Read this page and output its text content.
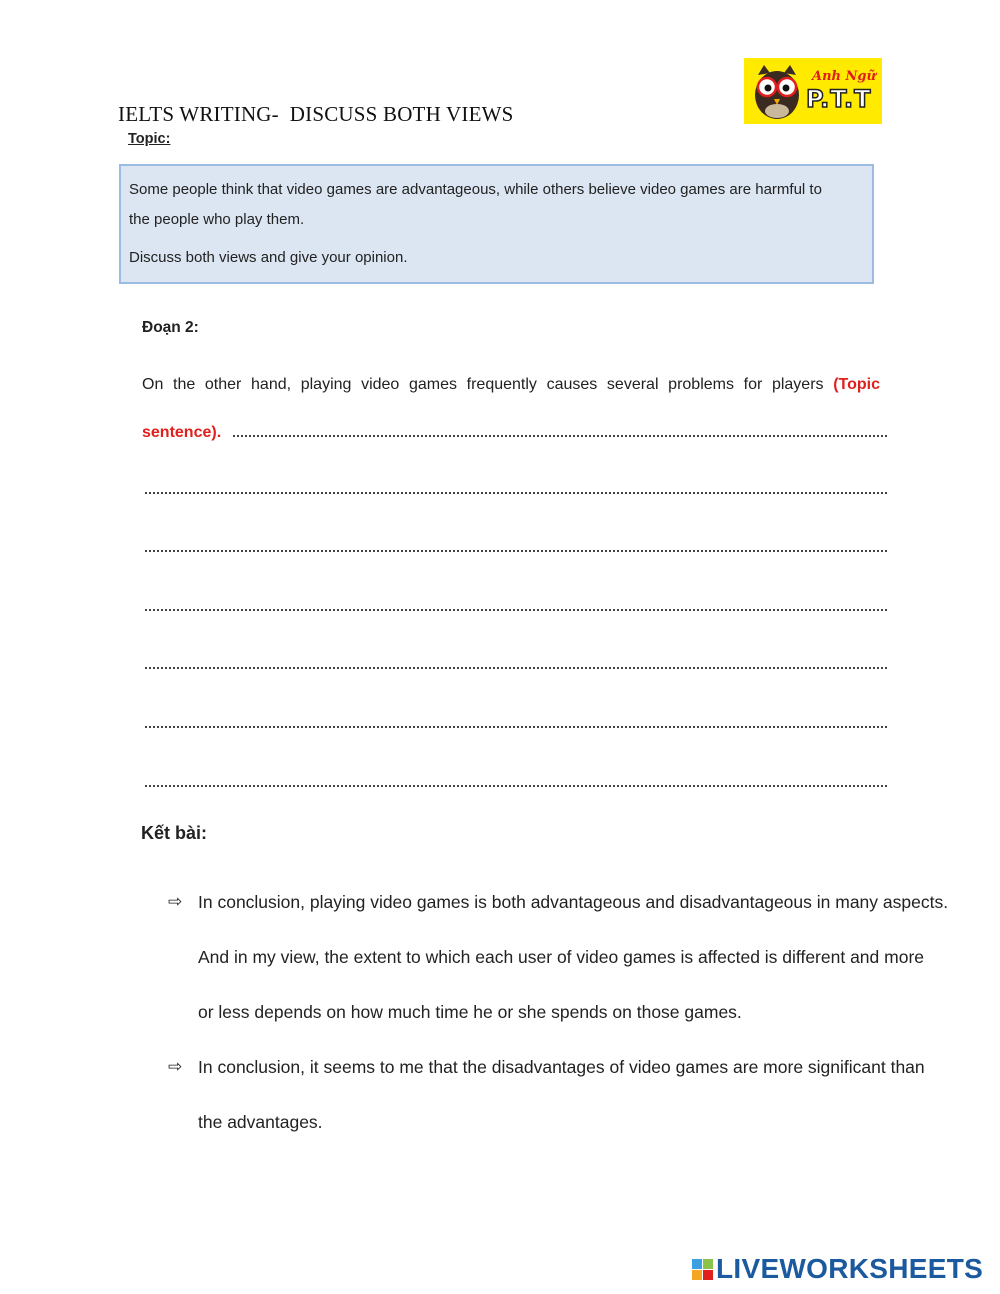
Anh Ngữ
P.T.T
IELTS WRITING-  DISCUSS BOTH VIEWS
Topic:

Some people think that video games are advantageous, while others believe video games are harmful to
the people who play them.

Discuss both views and give your opinion.

Đoạn 2:
On the other hand, playing video games frequently causes several problems for players (Topic
sentence).
Kết bài:
⇨ In conclusion, playing video games is both advantageous and disadvantageous in many aspects.
And in my view, the extent to which each user of video games is affected is different and more
or less depends on how much time he or she spends on those games.
⇨ In conclusion, it seems to me that the disadvantages of video games are more significant than
the advantages.
LIVEWORKSHEETS
